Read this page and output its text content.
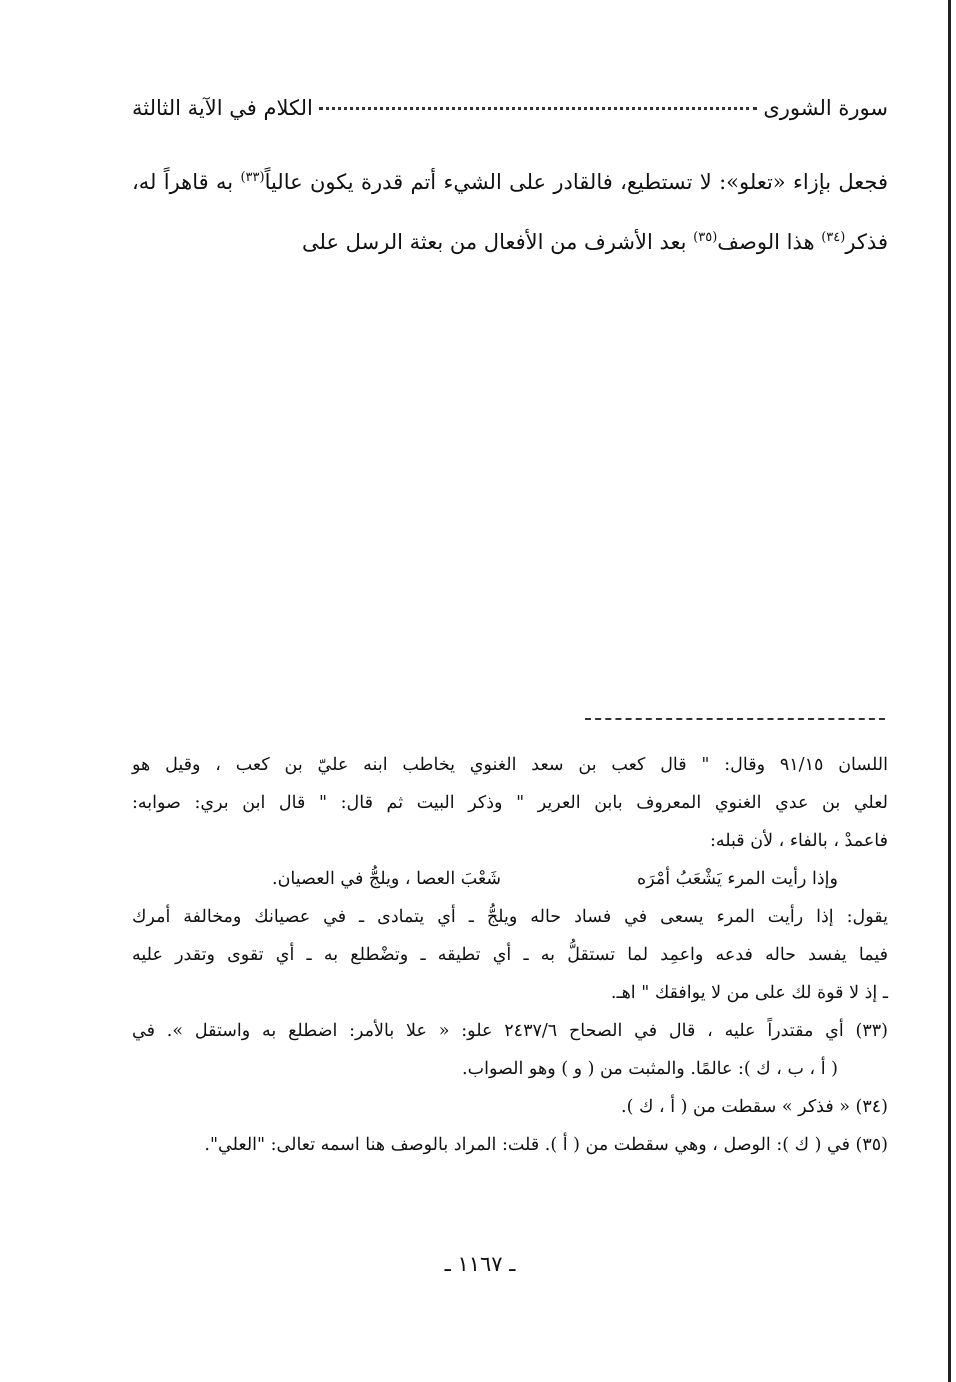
سورة الشورى
الكلام في الآية الثالثة
فجعل بإزاء «تعلو»: لا تستطيع، فالقادر على الشيء أتم قدرة يكون عالياً$^{(٣٣)}$ به قاهراً له، فذكر$^{(٣٤)}$ هذا الوصف$^{(٣٥)}$ بعد الأشرف من الأفعال من بعثة الرسل على

اللسان ٩١/١٥ وقال: " قال كعب بن سعد الغنوي يخاطب ابنه عليّ بن كعب ، وقيل هو

لعلي بن عدي الغنوي المعروف بابن العرير " وذكر البيت ثم قال: " قال ابن بري: صوابه:

فاعمدْ ، بالفاء ، لأن قبله:

وإذا رأيت المرء يَشْعَبُ أمْرَه
شَعْبَ العصا ، ويلجُّ في العصيان.

يقول: إذا رأيت المرء يسعى في فساد حاله ويلجُّ ـ أي يتمادى ـ في عصيانك ومخالفة أمرك

فيما يفسد حاله فدعه واعمِد لما تستقلُّ به ـ أي تطيقه ـ وتضْطلع به ـ أي تقوى وتقدر عليه

ـ إذ لا قوة لك على من لا يوافقك " اهـ.

(٣٣) أي مقتدراً عليه ، قال في الصحاح ٢٤٣٧/٦ علو: « علا بالأمر: اضطلع به واستقل ». في

( أ ، ب ، ك ): عالمًا. والمثبت من ( و ) وهو الصواب.

(٣٤) « فذكر » سقطت من ( أ ، ك ).

(٣٥) في ( ك ): الوصل ، وهي سقطت من ( أ ). قلت: المراد بالوصف هنا اسمه تعالى: "العلي".

ـ ١١٦٧ ـ
